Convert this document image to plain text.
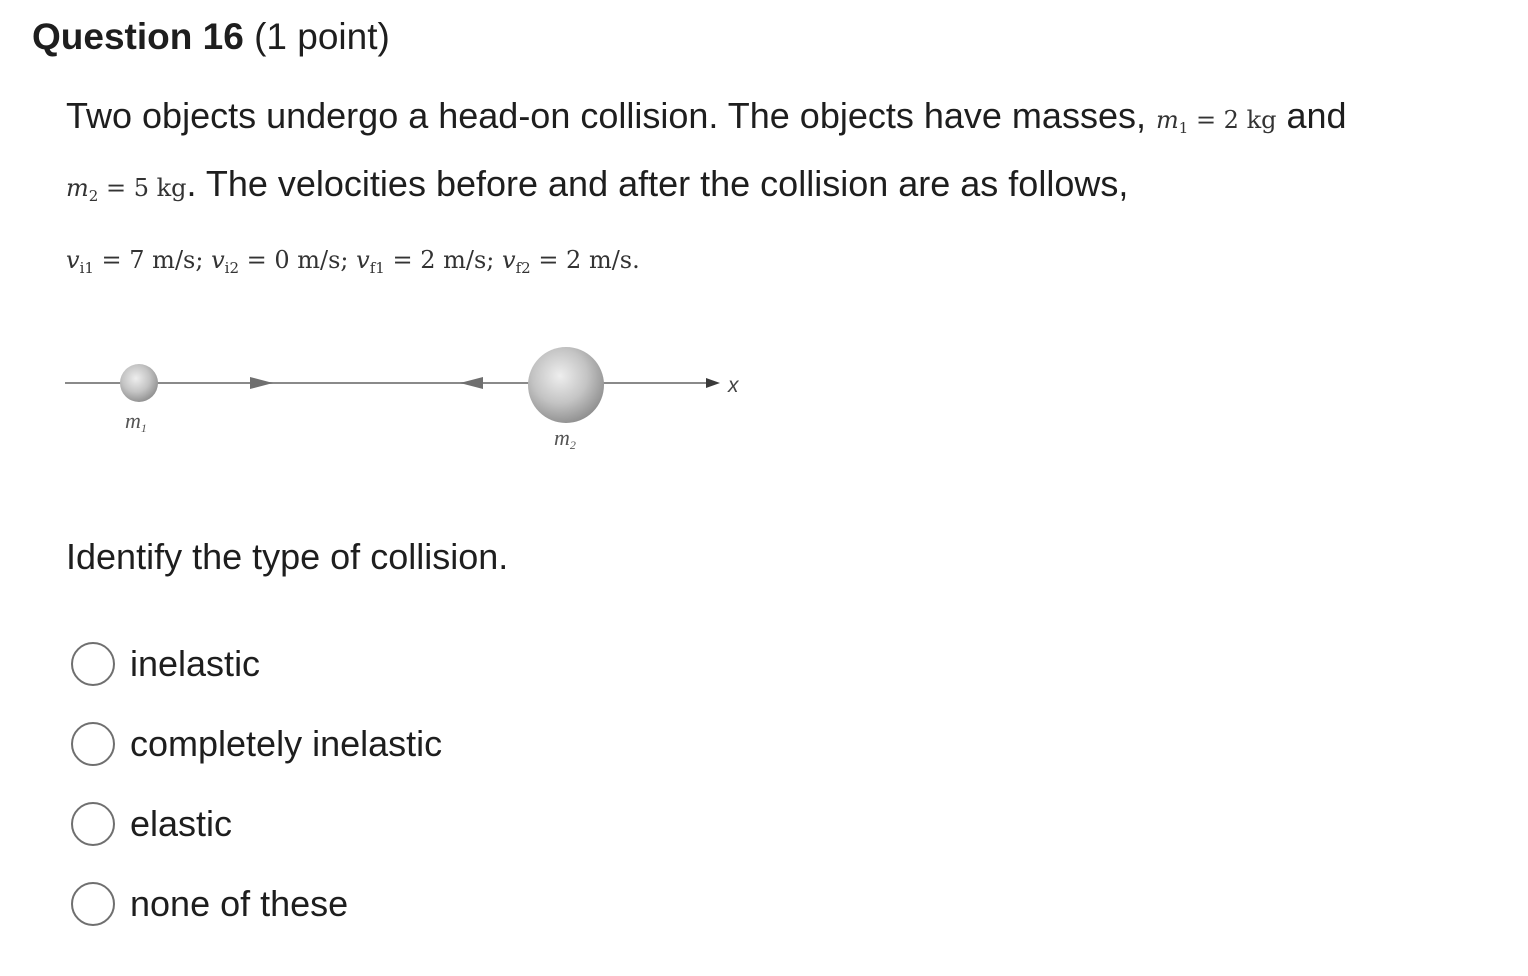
Question 16 (1 point)
Two objects undergo a head-on collision. The objects have masses, $m_1 = 2$ kg and
$m_2 = 5$ kg. The velocities before and after the collision are as follows,
$v_{i1} = 7$ m/s; $v_{i2} = 0$ m/s; $v_{f1} = 2$ m/s; $v_{f2} = 2$ m/s.
x
m1	m2
Identify the type of collision.
inelastic
completely inelastic
elastic
none of these
